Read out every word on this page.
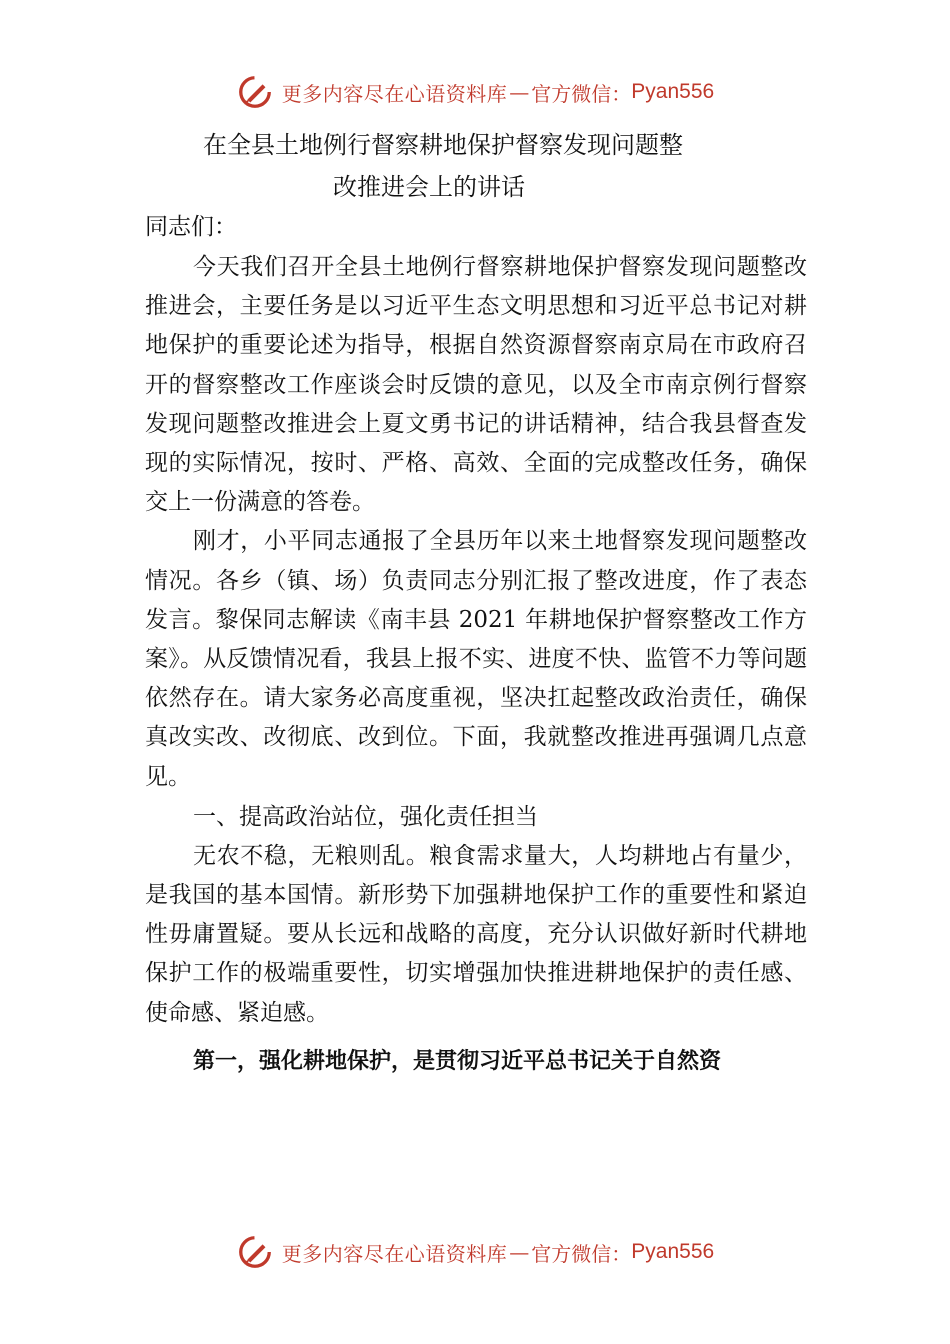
更多内容尽在心语资料库 — 官方微信： Pyan556

在全县土地例行督察耕地保护督察发现问题整

改推进会上的讲话

同志们：

今天我们召开全县土地例行督察耕地保护督察发现问题整改推进会，主要任务是以习近平生态文明思想和习近平总书记对耕地保护的重要论述为指导，根据自然资源督察南京局在市政府召开的督察整改工作座谈会时反馈的意见，以及全市南京例行督察发现问题整改推进会上夏文勇书记的讲话精神，结合我县督查发现的实际情况，按时、严格、高效、全面的完成整改任务，确保交上一份满意的答卷。

刚才，小平同志通报了全县历年以来土地督察发现问题整改情况。各乡（镇、场）负责同志分别汇报了整改进度，作了表态发言。黎保同志解读《南丰县 2021 年耕地保护督察整改工作方案》。从反馈情况看，我县上报不实、进度不快、监管不力等问题依然存在。请大家务必高度重视，坚决扛起整改政治责任，确保真改实改、改彻底、改到位。下面，我就整改推进再强调几点意见。

一、提高政治站位，强化责任担当

无农不稳，无粮则乱。粮食需求量大，人均耕地占有量少，是我国的基本国情。新形势下加强耕地保护工作的重要性和紧迫性毋庸置疑。要从长远和战略的高度，充分认识做好新时代耕地保护工作的极端重要性，切实增强加快推进耕地保护的责任感、使命感、紧迫感。

第一，强化耕地保护，是贯彻习近平总书记关于自然资

更多内容尽在心语资料库 — 官方微信： Pyan556
